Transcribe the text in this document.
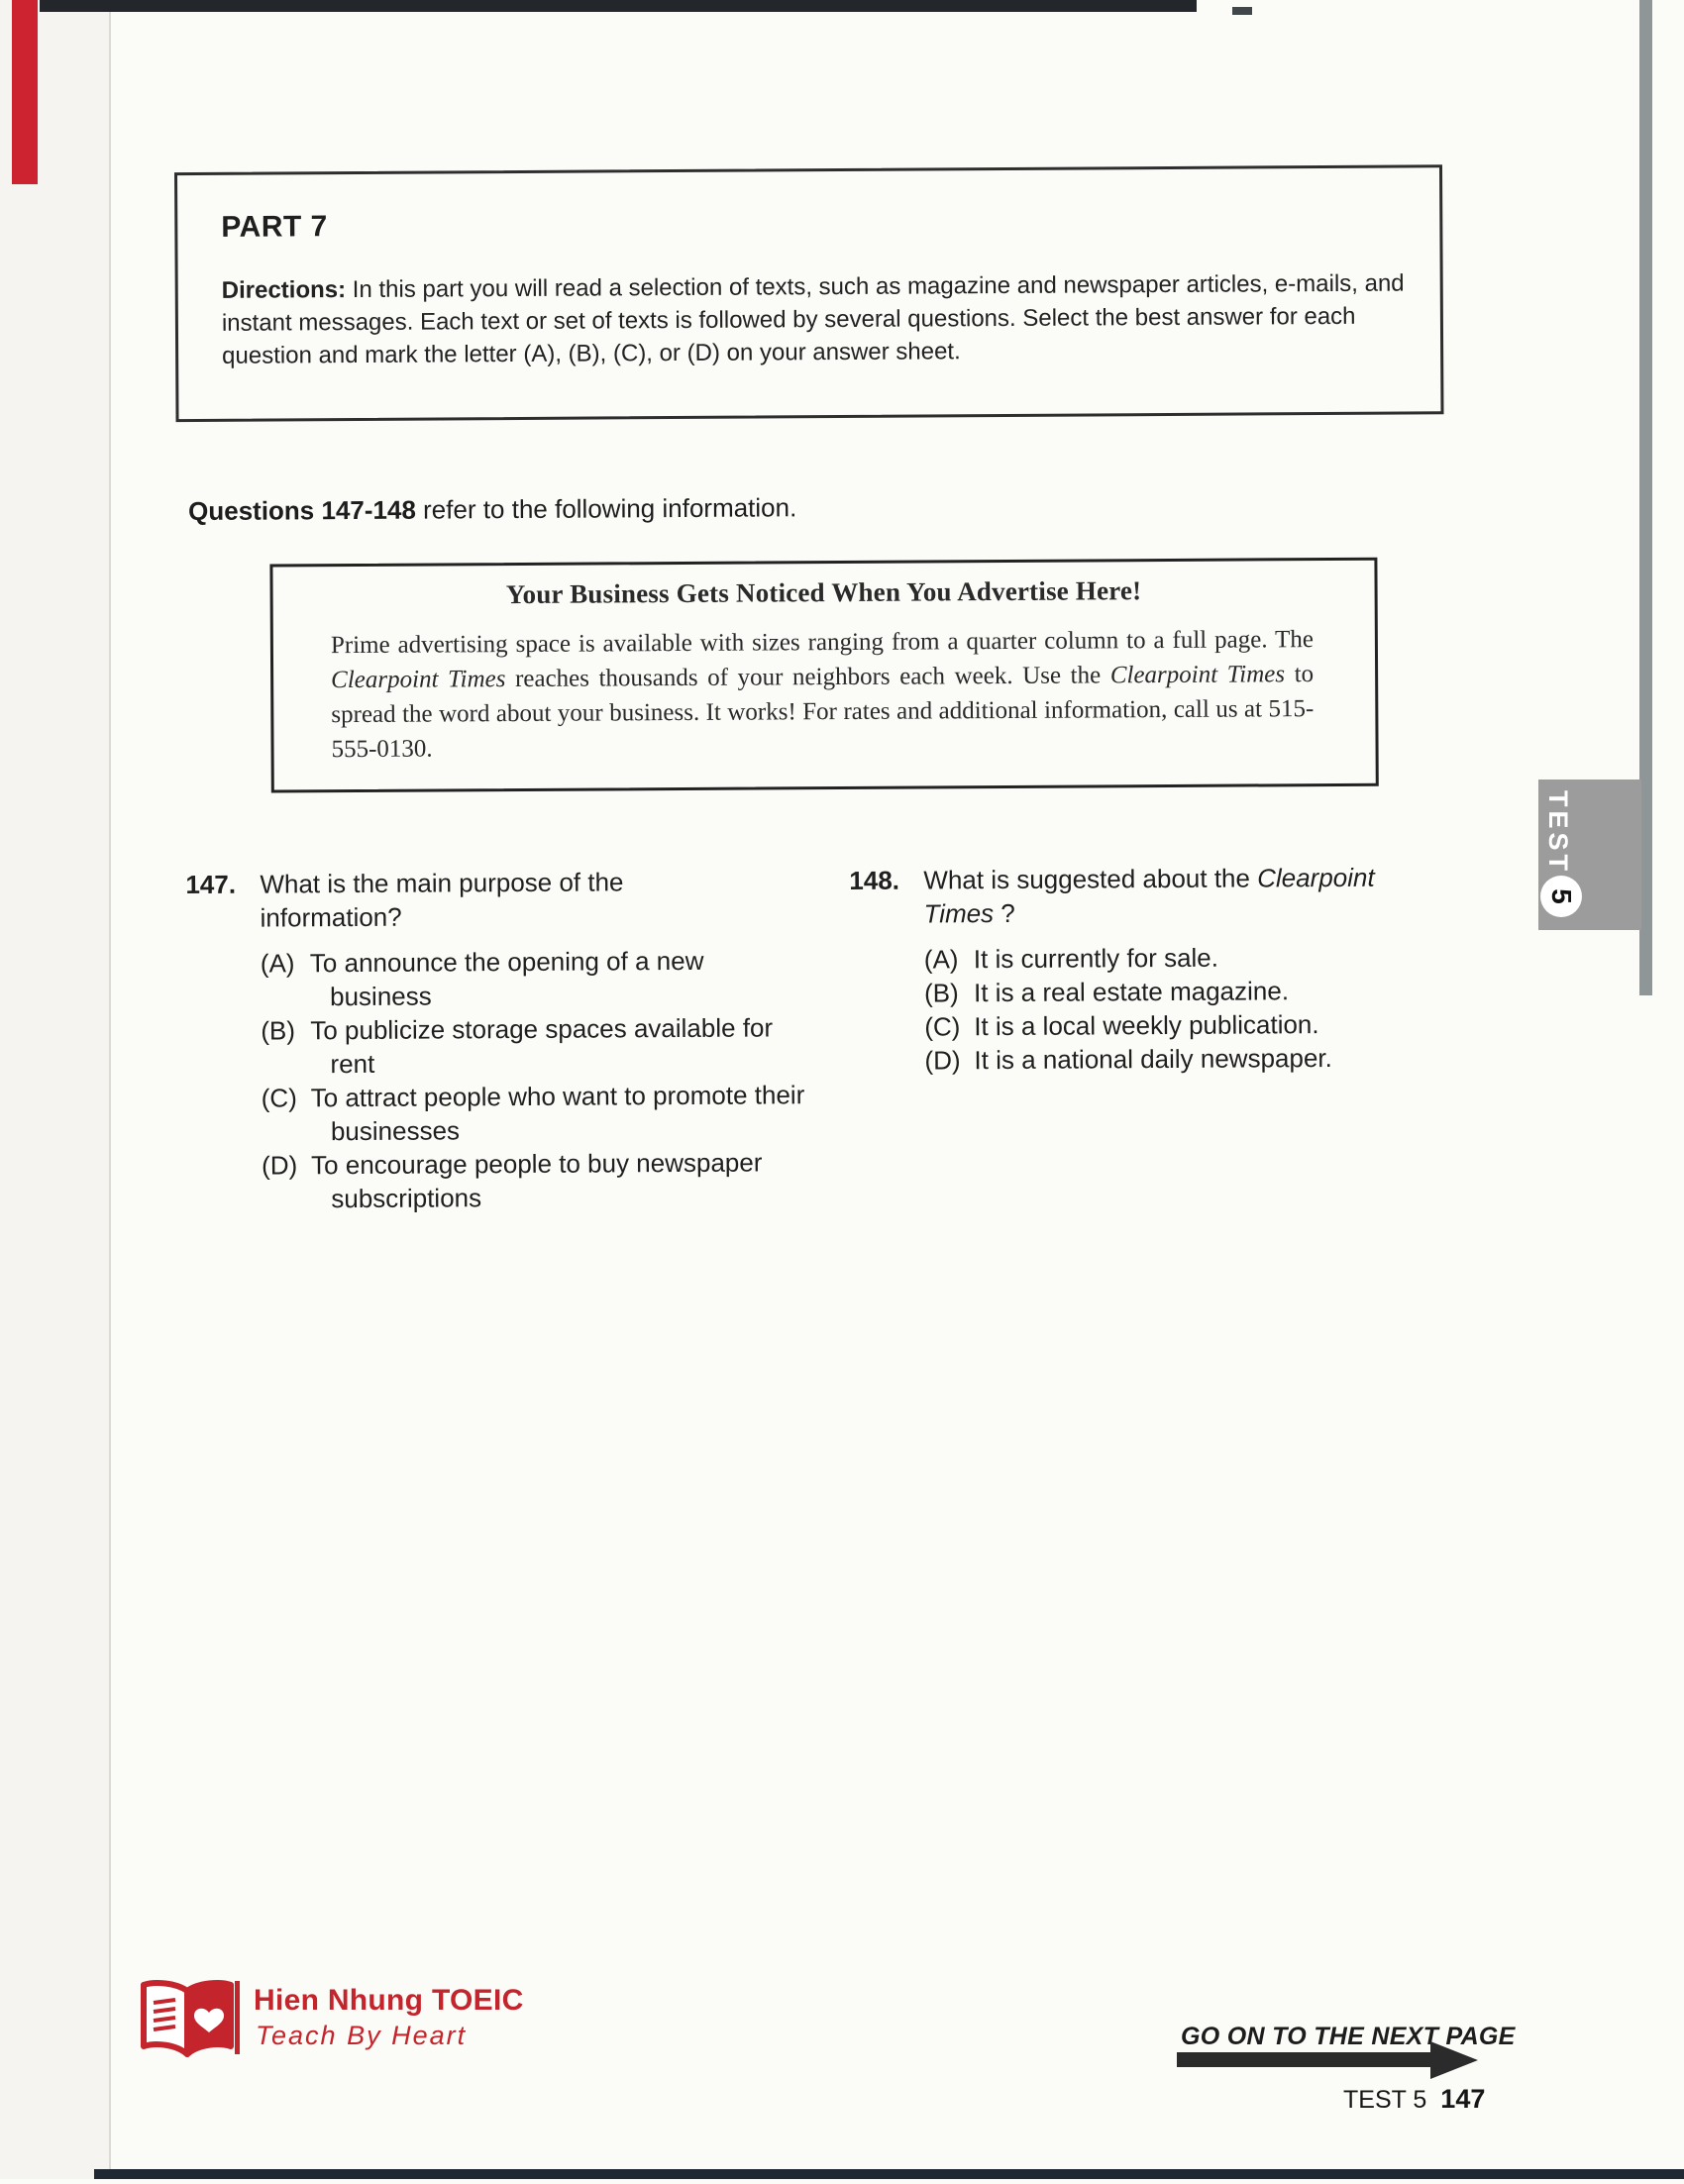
PART 7
Directions: In this part you will read a selection of texts, such as magazine and newspaper articles, e-mails, and instant messages. Each text or set of texts is followed by several questions. Select the best answer for each question and mark the letter (A), (B), (C), or (D) on your answer sheet.
Questions 147-148 refer to the following information.
Your Business Gets Noticed When You Advertise Here!
Prime advertising space is available with sizes ranging from a quarter column to a full page. The Clearpoint Times reaches thousands of your neighbors each week. Use the Clearpoint Times to spread the word about your business. It works! For rates and additional information, call us at 515-555-0130.
147. What is the main purpose of the information?
(A) To announce the opening of a new business
(B) To publicize storage spaces available for rent
(C) To attract people who want to promote their businesses
(D) To encourage people to buy newspaper subscriptions
148. What is suggested about the Clearpoint Times ?
(A) It is currently for sale.
(B) It is a real estate magazine.
(C) It is a local weekly publication.
(D) It is a national daily newspaper.
TEST
5
Hien Nhung TOEIC
Teach By Heart	GO ON TO THE NEXT PAGE
TEST 5 147
